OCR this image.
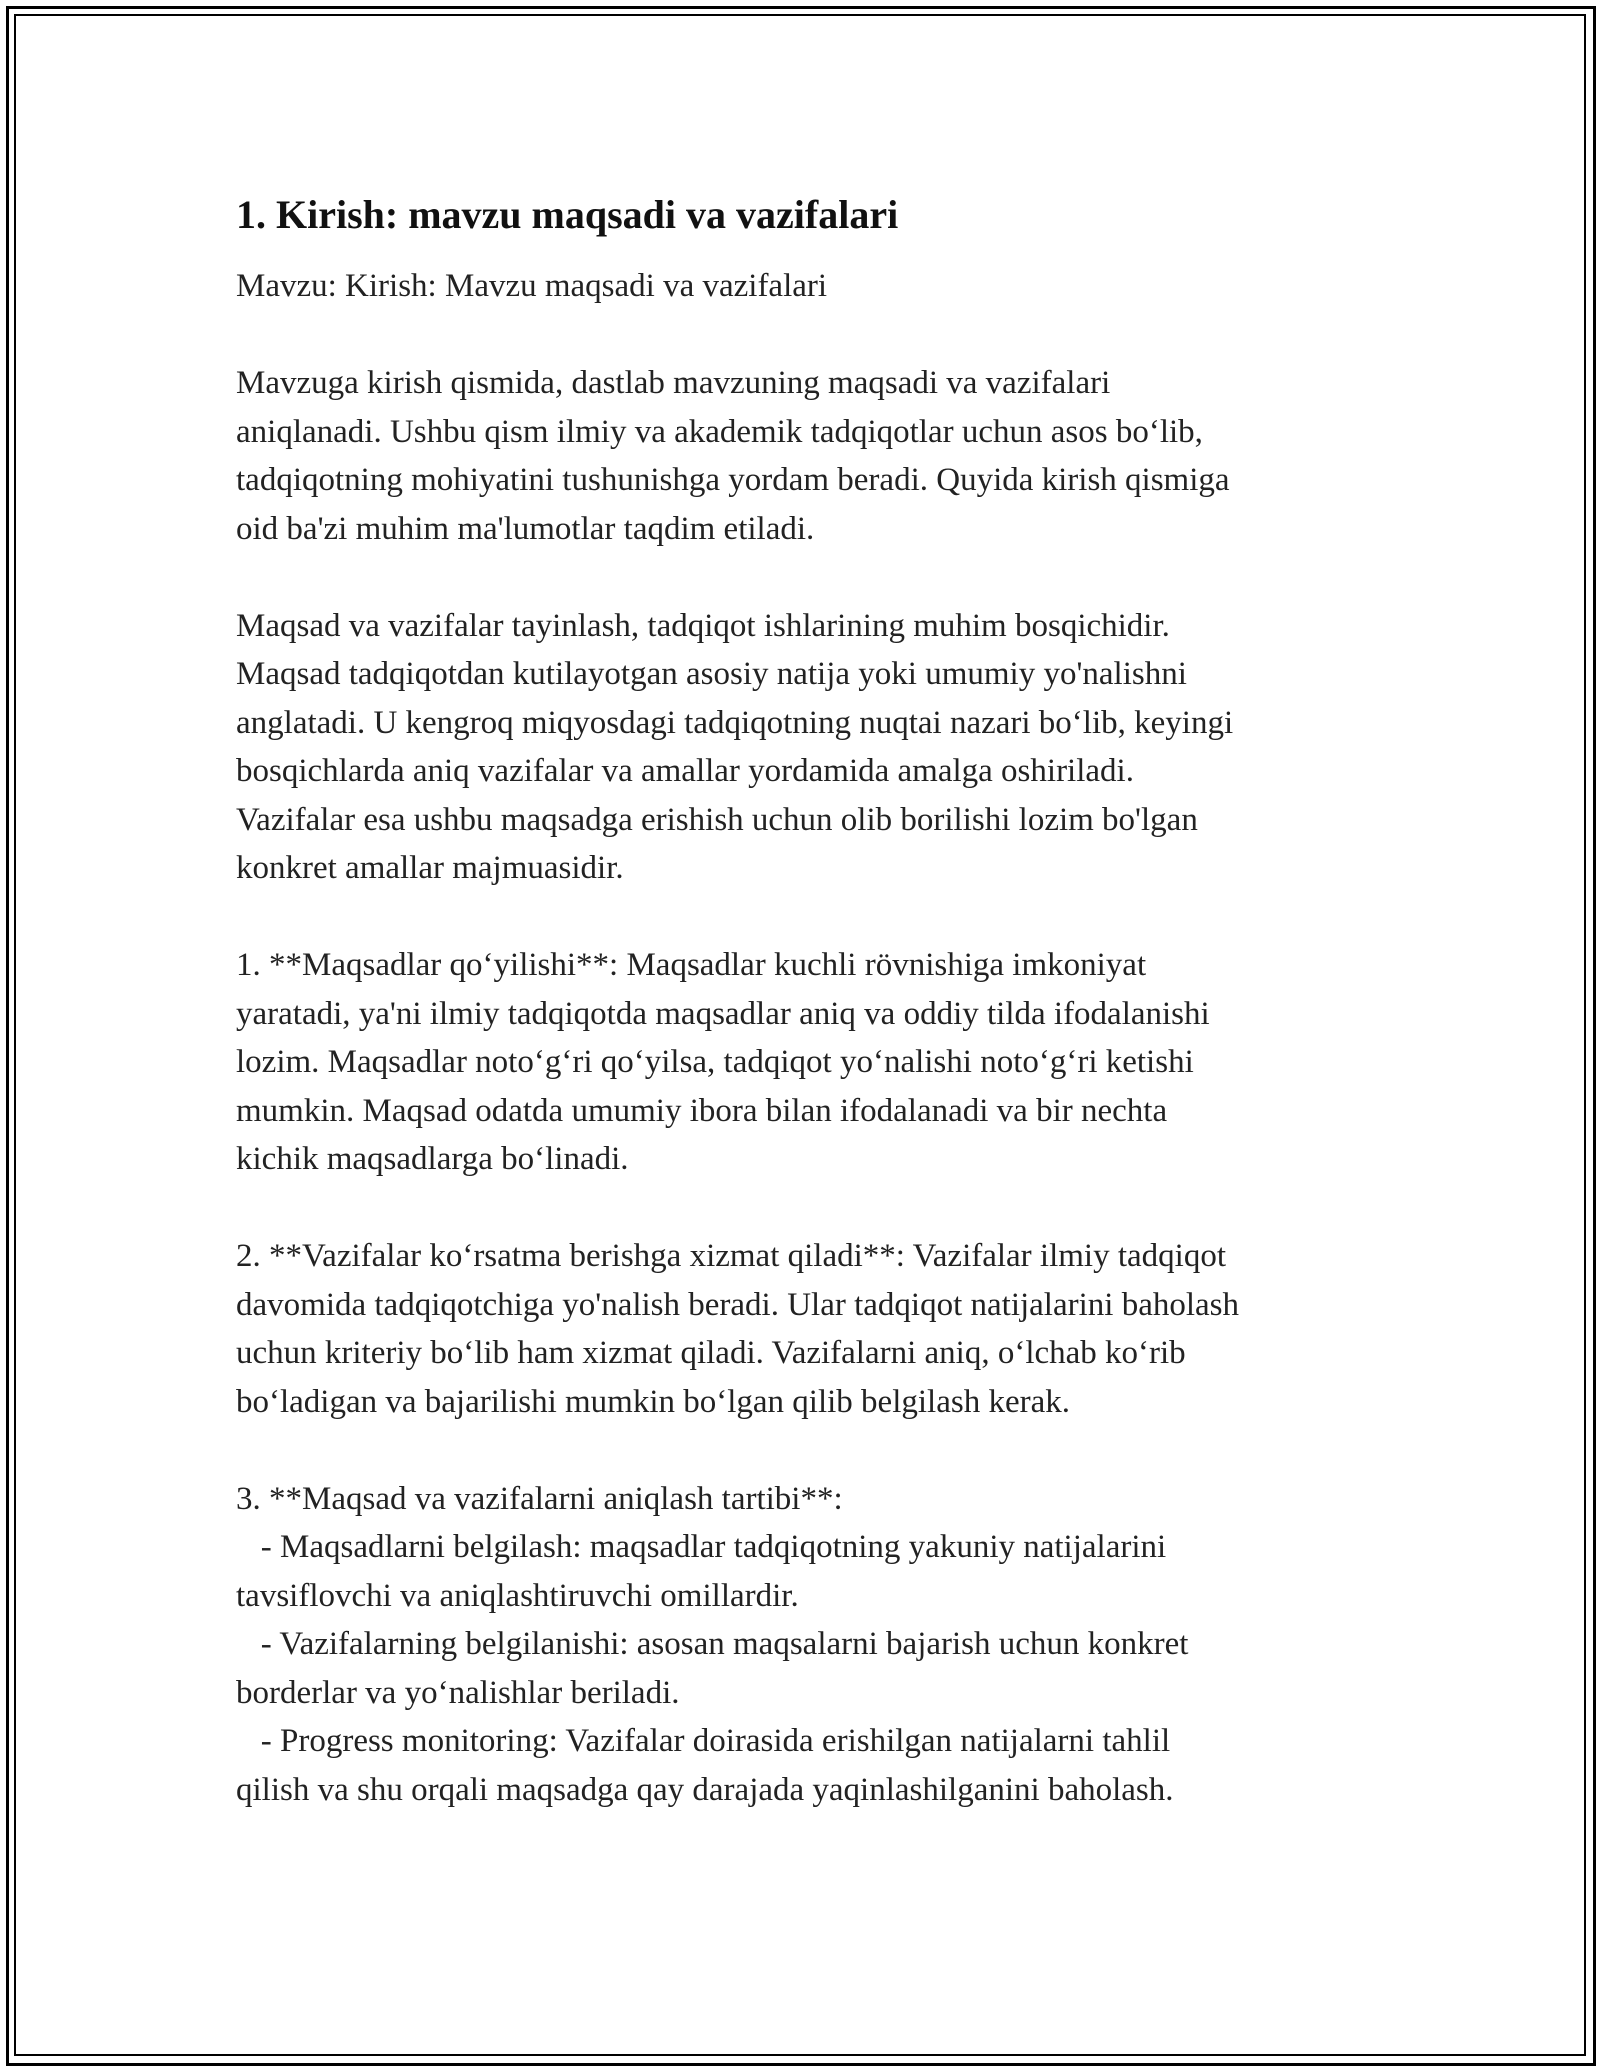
1. Kirish: mavzu maqsadi va vazifalari

Mavzu: Kirish: Mavzu maqsadi va vazifalari

Mavzuga kirish qismida, dastlab mavzuning maqsadi va vazifalari
aniqlanadi. Ushbu qism ilmiy va akademik tadqiqotlar uchun asos bo‘lib,
tadqiqotning mohiyatini tushunishga yordam beradi. Quyida kirish qismiga
oid ba'zi muhim ma'lumotlar taqdim etiladi.

Maqsad va vazifalar tayinlash, tadqiqot ishlarining muhim bosqichidir.
Maqsad tadqiqotdan kutilayotgan asosiy natija yoki umumiy yo'nalishni
anglatadi. U kengroq miqyosdagi tadqiqotning nuqtai nazari bo‘lib, keyingi
bosqichlarda aniq vazifalar va amallar yordamida amalga oshiriladi.
Vazifalar esa ushbu maqsadga erishish uchun olib borilishi lozim bo'lgan
konkret amallar majmuasidir.

1. **Maqsadlar qo‘yilishi**: Maqsadlar kuchli rövnishiga imkoniyat
yaratadi, ya'ni ilmiy tadqiqotda maqsadlar aniq va oddiy tilda ifodalanishi
lozim. Maqsadlar noto‘g‘ri qo‘yilsa, tadqiqot yo‘nalishi noto‘g‘ri ketishi
mumkin. Maqsad odatda umumiy ibora bilan ifodalanadi va bir nechta
kichik maqsadlarga bo‘linadi.

2. **Vazifalar ko‘rsatma berishga xizmat qiladi**: Vazifalar ilmiy tadqiqot
davomida tadqiqotchiga yo'nalish beradi. Ular tadqiqot natijalarini baholash
uchun kriteriy bo‘lib ham xizmat qiladi. Vazifalarni aniq, o‘lchab ko‘rib
bo‘ladigan va bajarilishi mumkin bo‘lgan qilib belgilash kerak.

3. **Maqsad va vazifalarni aniqlash tartibi**:
- Maqsadlarni belgilash: maqsadlar tadqiqotning yakuniy natijalarini
tavsiflovchi va aniqlashtiruvchi omillardir.
- Vazifalarning belgilanishi: asosan maqsalarni bajarish uchun konkret
borderlar va yo‘nalishlar beriladi.
- Progress monitoring: Vazifalar doirasida erishilgan natijalarni tahlil
qilish va shu orqali maqsadga qay darajada yaqinlashilganini baholash.
